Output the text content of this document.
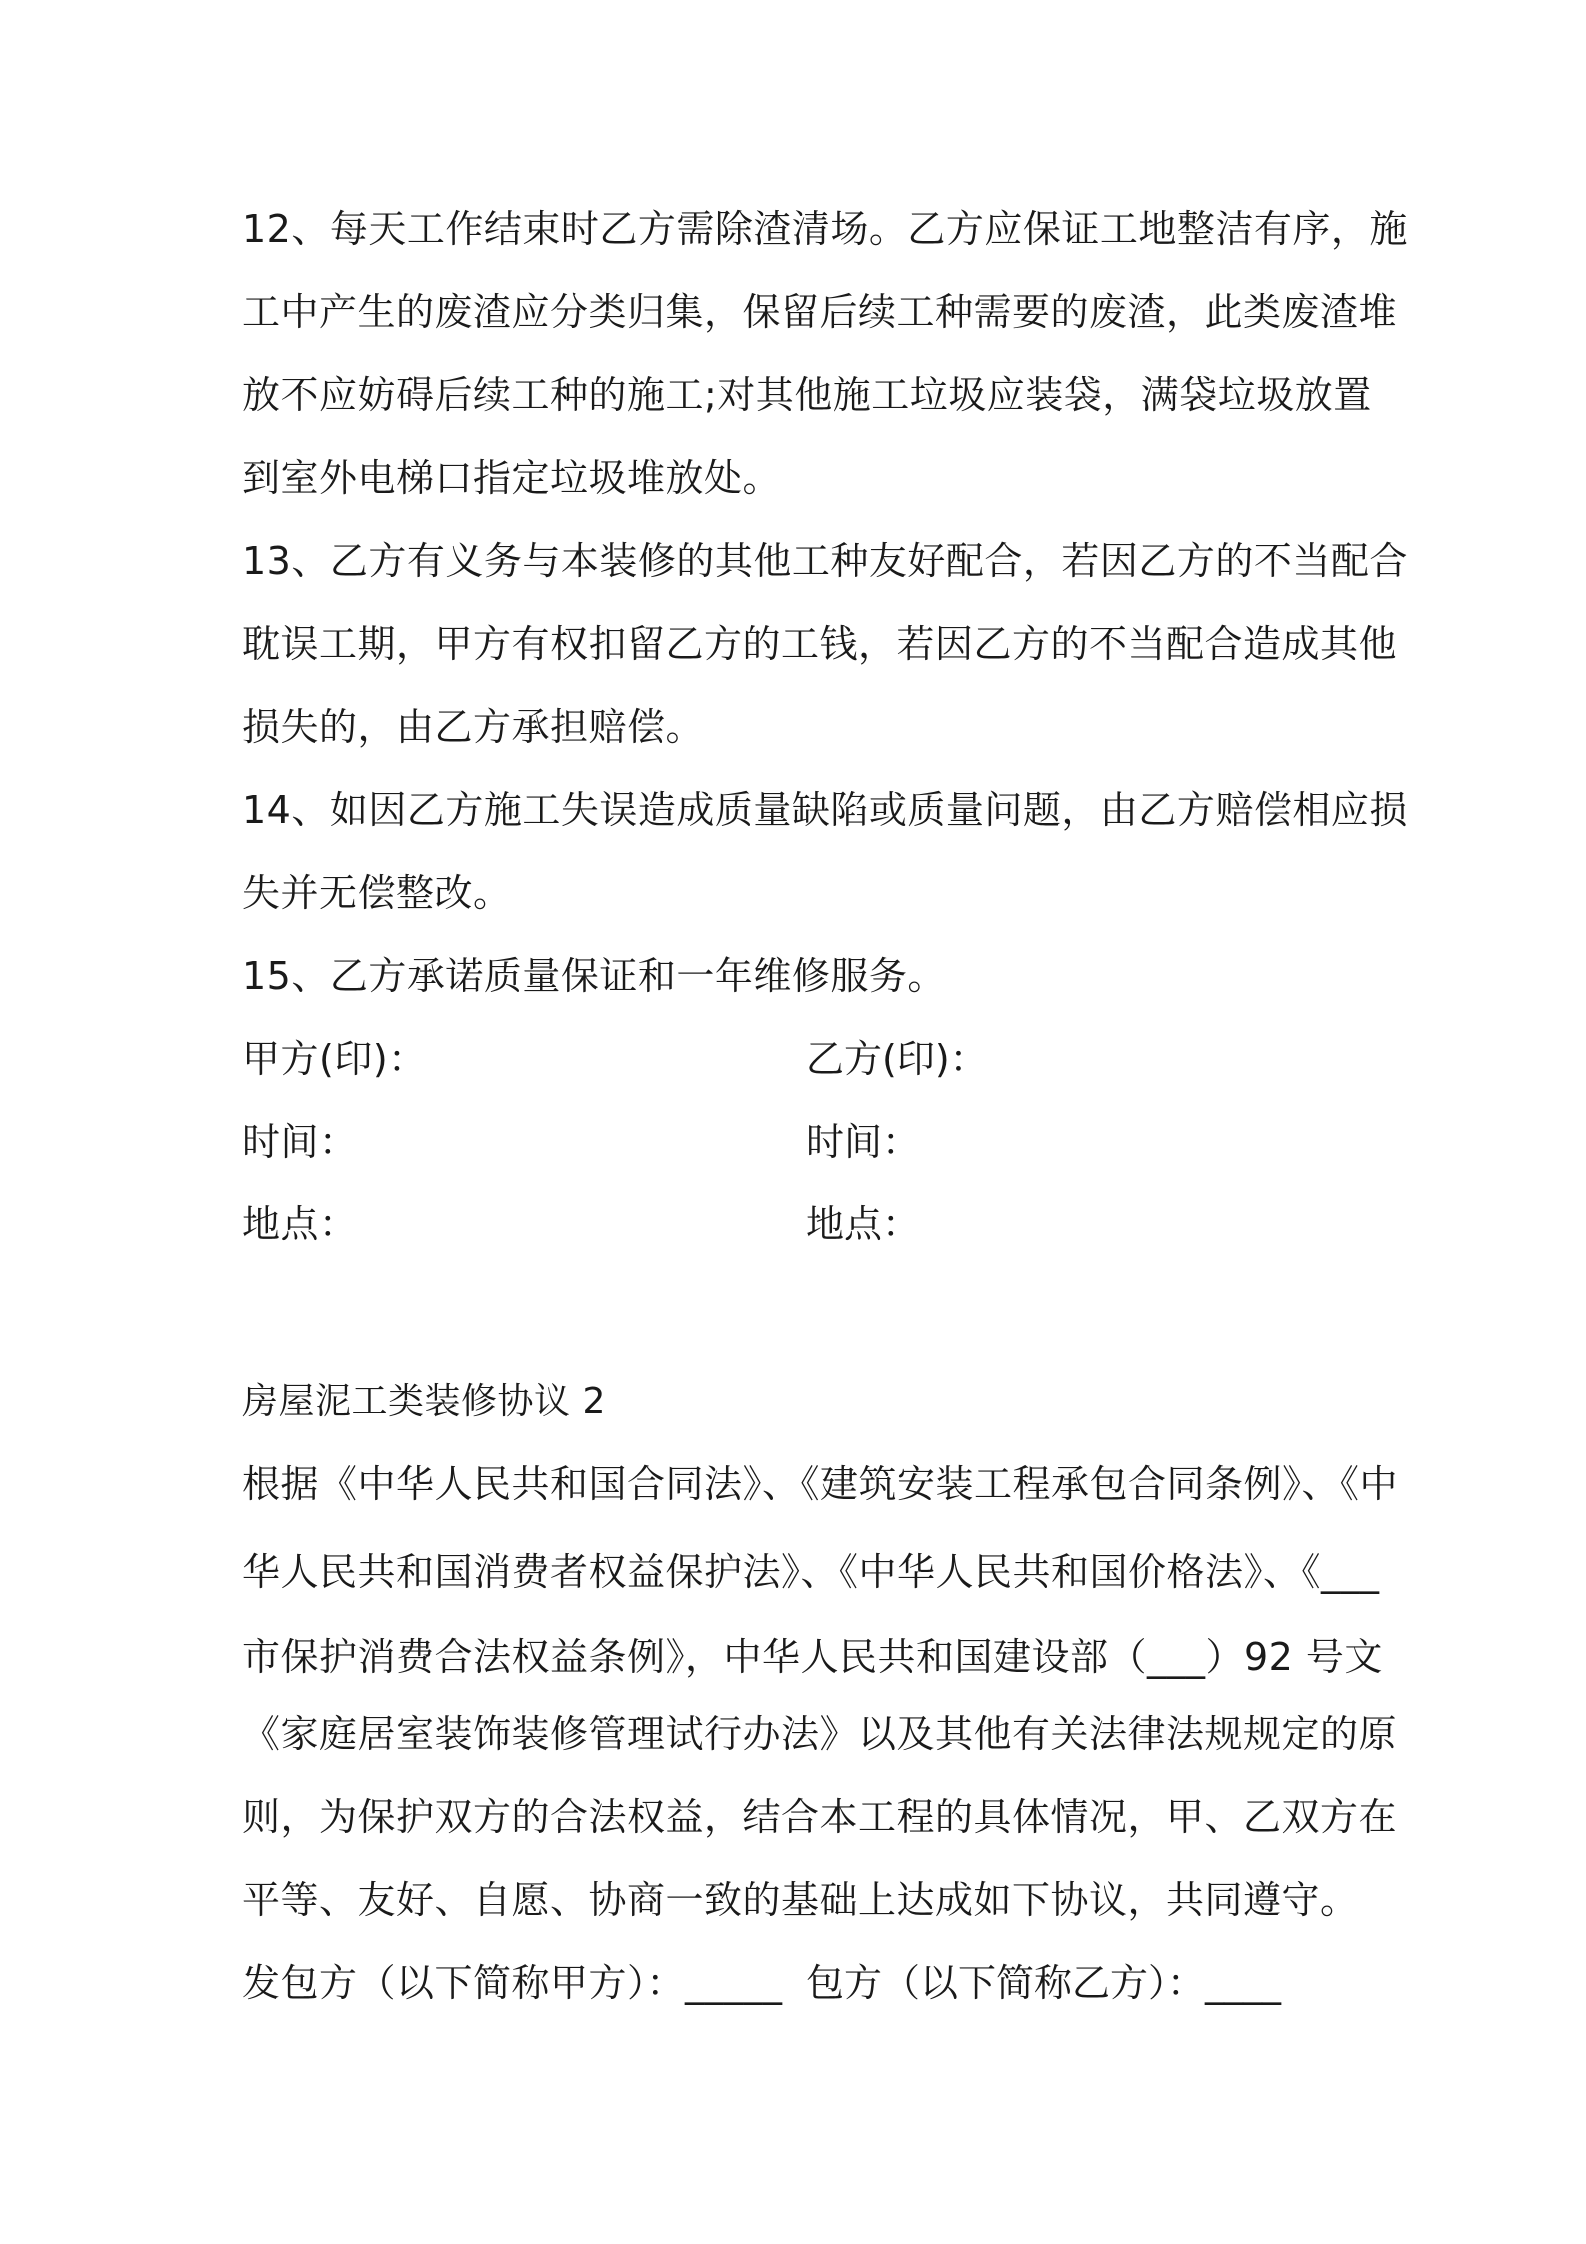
12、每天工作结束时乙方需除渣清场。乙方应保证工地整洁有序，施
工中产生的废渣应分类归集，保留后续工种需要的废渣，此类废渣堆
放不应妨碍后续工种的施工;对其他施工垃圾应装袋，满袋垃圾放置
到室外电梯口指定垃圾堆放处。
13、乙方有义务与本装修的其他工种友好配合，若因乙方的不当配合
耽误工期，甲方有权扣留乙方的工钱，若因乙方的不当配合造成其他
损失的，由乙方承担赔偿。
14、如因乙方施工失误造成质量缺陷或质量问题，由乙方赔偿相应损
失并无偿整改。
15、乙方承诺质量保证和一年维修服务。
甲方(印)：	乙方(印)：
时间：	时间：
地点：	地点：
房屋泥工类装修协议 2
根据《中华人民共和国合同法》、《建筑安装工程承包合同条例》、《中
华人民共和国消费者权益保护法》、《中华人民共和国价格法》、《___
市保护消费合法权益条例》，中华人民共和国建设部（___）92 号文
《家庭居室装饰装修管理试行办法》以及其他有关法律法规规定的原
则，为保护双方的合法权益，结合本工程的具体情况，甲、乙双方在
平等、友好、自愿、协商一致的基础上达成如下协议，共同遵守。
发包方（以下简称甲方）：_____ 包方（以下简称乙方）：____
